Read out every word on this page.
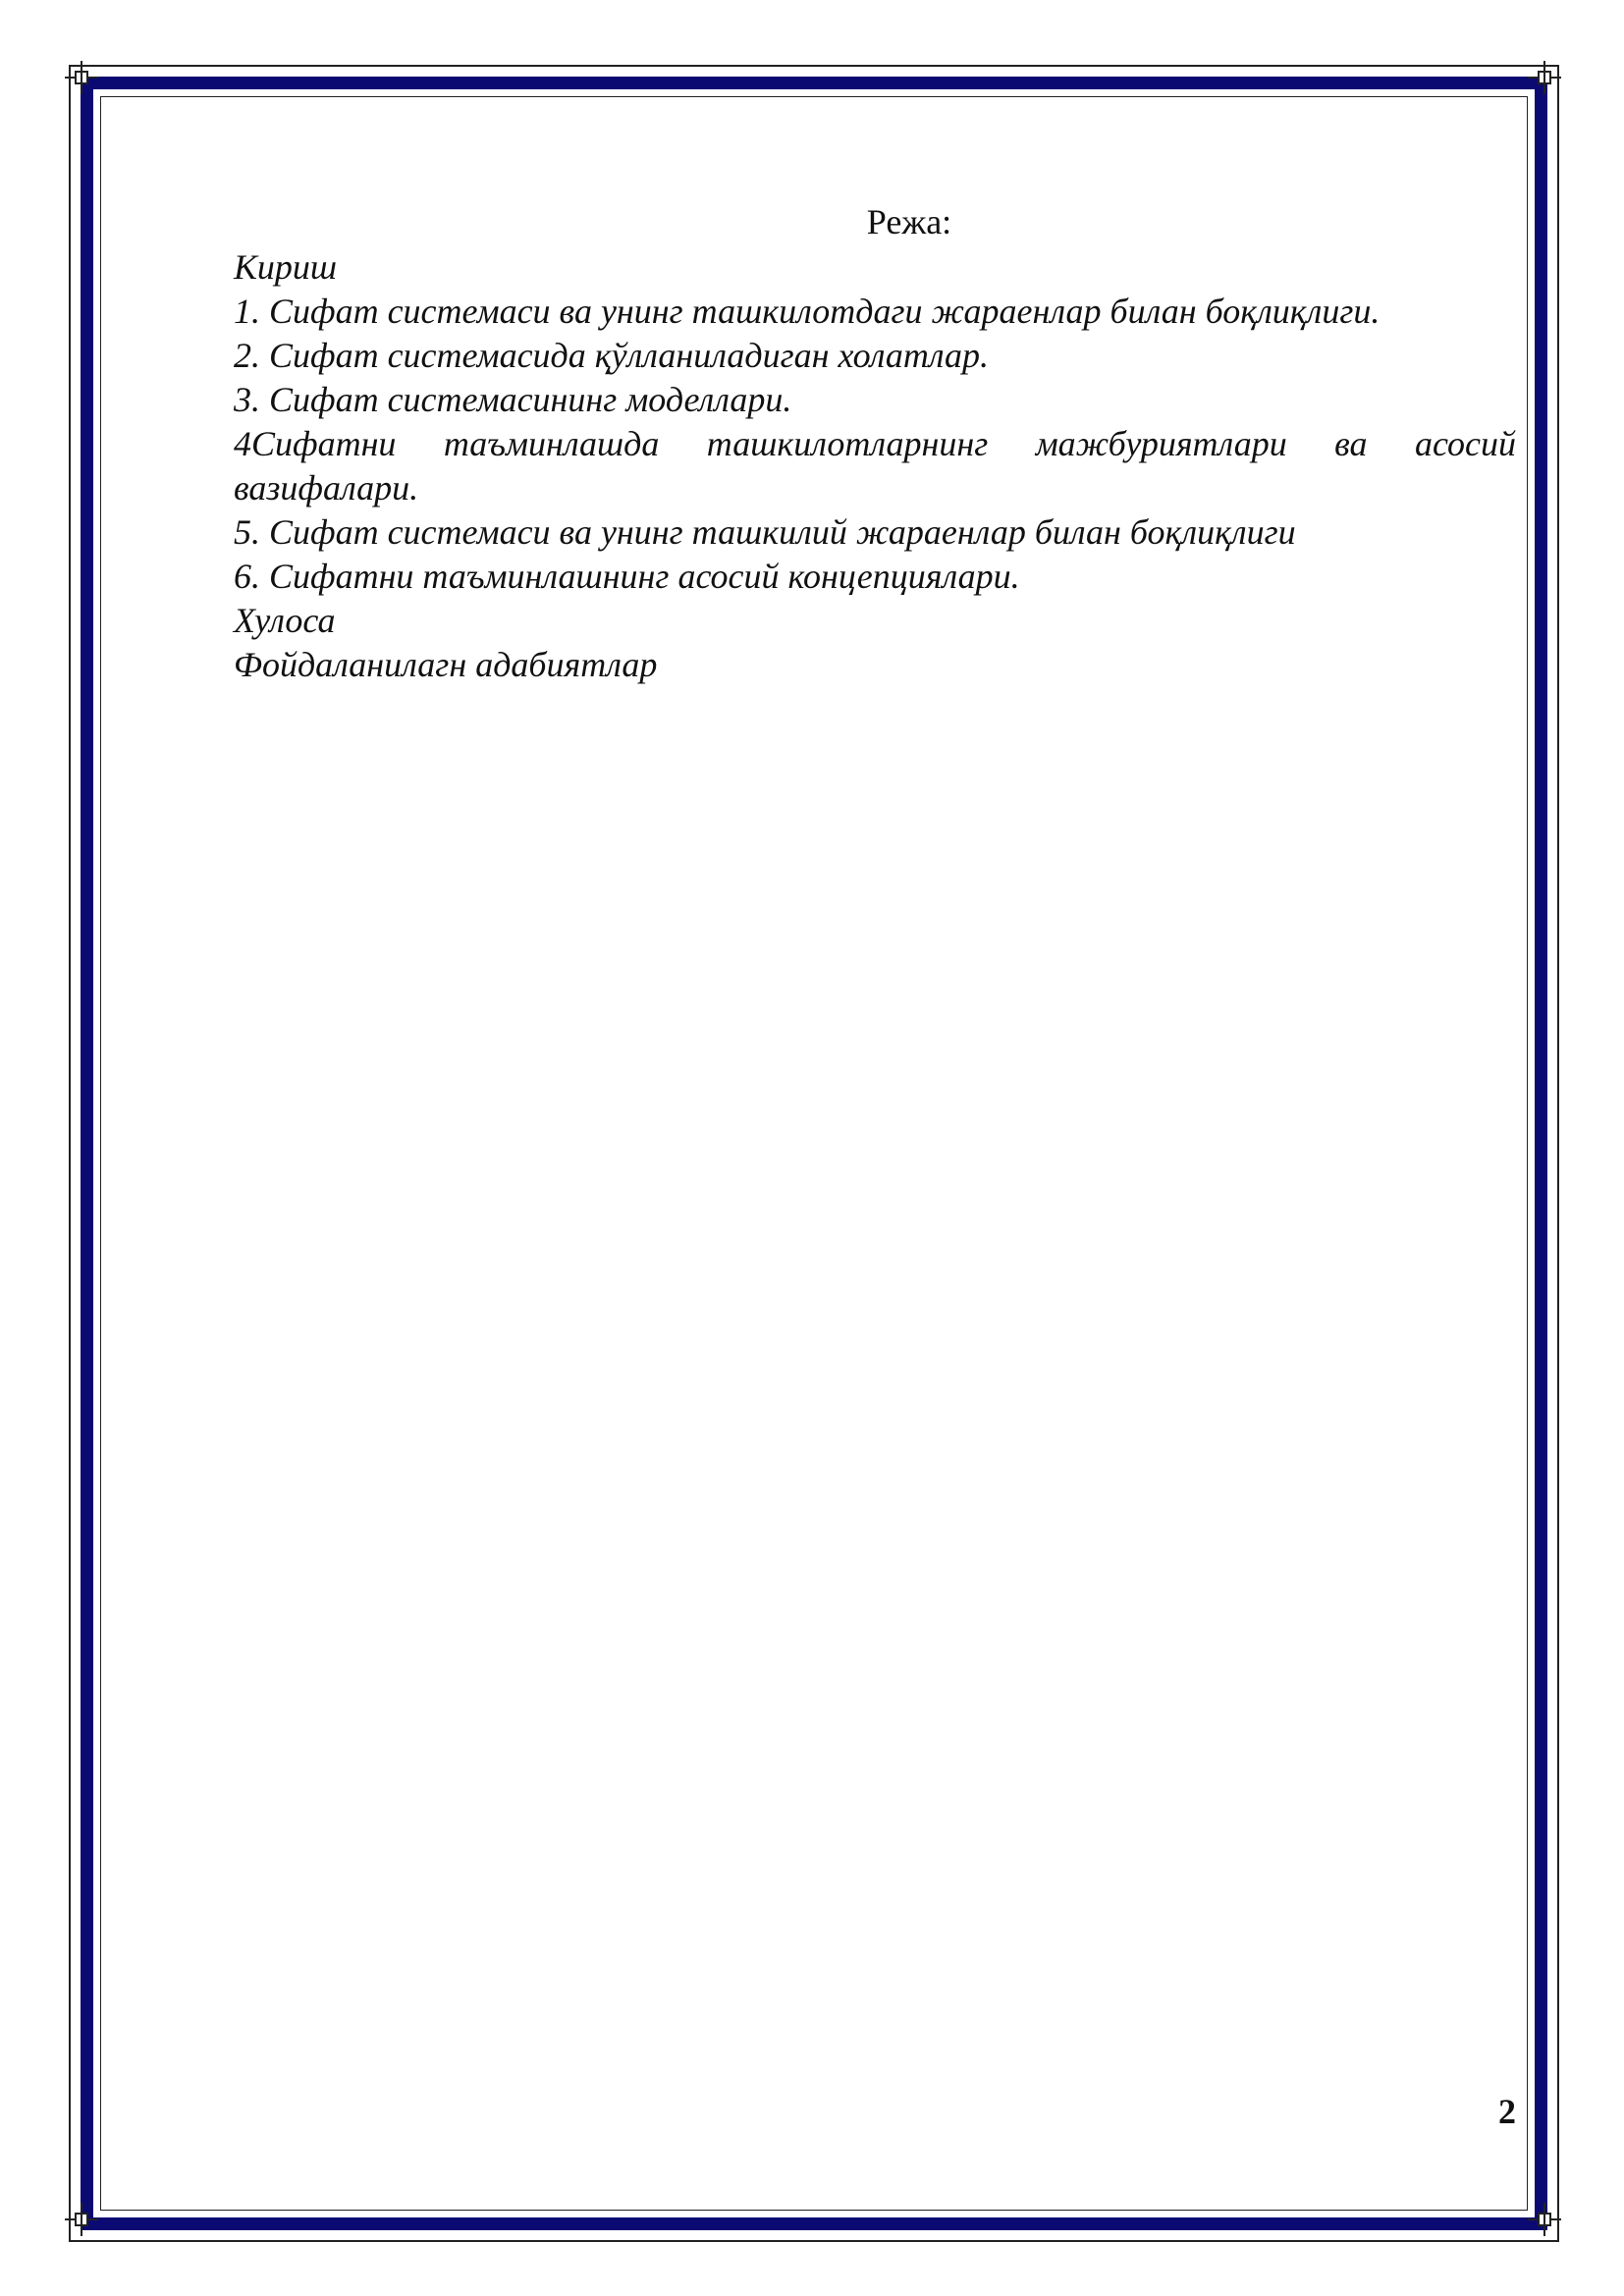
Режа:
Кириш
1. Сифат системаси ва унинг ташкилотдаги жараенлар билан боқлиқлиги.
2. Сифат системасида қўлланиладиган холатлар.
3. Сифат системасининг моделлари.
4Сифатни таъминлашда ташкилотларнинг мажбуриятлари ва асосий
вазифалари.
5. Сифат системаси ва унинг ташкилий жараенлар билан боқлиқлиги
6. Сифатни таъминлашнинг асосий концепциялари.
Хулоса
Фойдаланилагн адабиятлар
2
